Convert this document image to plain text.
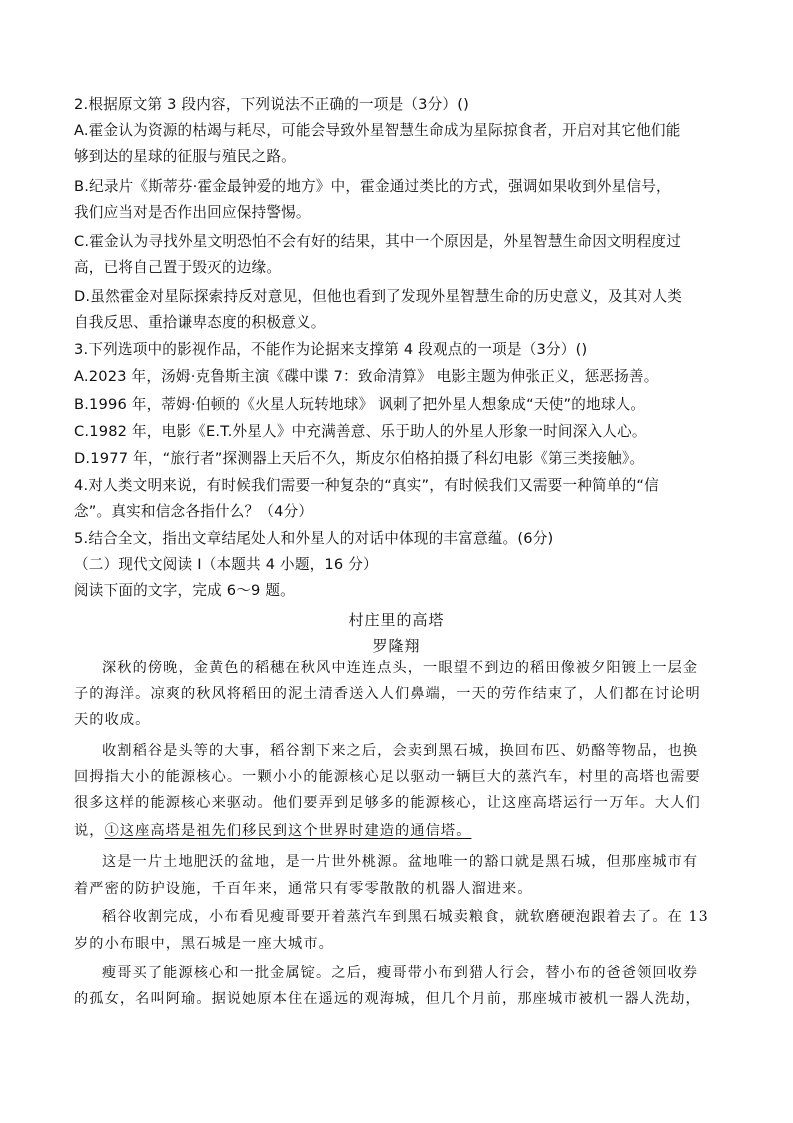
2.根据原文第 3 段内容，下列说法不正确的一项是（3分）()
A.霍金认为资源的枯竭与耗尽，可能会导致外星智慧生命成为星际掠食者，开启对其它他们能
够到达的星球的征服与殖民之路。
B.纪录片《斯蒂芬·霍金最钟爱的地方》中，霍金通过类比的方式，强调如果收到外星信号，
我们应当对是否作出回应保持警惕。
C.霍金认为寻找外星文明恐怕不会有好的结果，其中一个原因是，外星智慧生命因文明程度过
高，已将自己置于毁灭的边缘。
D.虽然霍金对星际探索持反对意见，但他也看到了发现外星智慧生命的历史意义，及其对人类
自我反思、重拾谦卑态度的积极意义。
3.下列选项中的影视作品，不能作为论据来支撑第 4 段观点的一项是（3分）()
A.2023 年，汤姆·克鲁斯主演《碟中谍 7：致命清算》 电影主题为伸张正义，惩恶扬善。
B.1996 年，蒂姆·伯顿的《火星人玩转地球》 讽刺了把外星人想象成“天使”的地球人。
C.1982 年，电影《E.T.外星人》中充满善意、乐于助人的外星人形象一时间深入人心。
D.1977 年，“旅行者”探测器上天后不久，斯皮尔伯格拍摄了科幻电影《第三类接触》。
4.对人类文明来说，有时候我们需要一种复杂的“真实”，有时候我们又需要一种简单的“信
念”。真实和信念各指什么？（4分）
5.结合全文，指出文章结尾处人和外星人的对话中体现的丰富意蕴。(6分)
（二）现代文阅读 I（本题共 4 小题，16 分）
阅读下面的文字，完成 6～9 题。
村庄里的高塔
罗隆翔
深秋的傍晚，金黄色的稻穗在秋风中连连点头，一眼望不到边的稻田像被夕阳镀上一层金
子的海洋。凉爽的秋风将稻田的泥土清香送入人们鼻端，一天的劳作结束了，人们都在讨论明
天的收成。
收割稻谷是头等的大事，稻谷割下来之后，会卖到黑石城，换回布匹、奶酪等物品，也换
回拇指大小的能源核心。一颗小小的能源核心足以驱动一辆巨大的蒸汽车，村里的高塔也需要
很多这样的能源核心来驱动。他们要弄到足够多的能源核心，让这座高塔运行一万年。大人们
说，①这座高塔是祖先们移民到这个世界时建造的通信塔。
这是一片土地肥沃的盆地，是一片世外桃源。盆地唯一的豁口就是黑石城，但那座城市有
着严密的防护设施，千百年来，通常只有零零散散的机器人溜进来。
稻谷收割完成，小布看见瘦哥要开着蒸汽车到黑石城卖粮食，就软磨硬泡跟着去了。在 13
岁的小布眼中，黑石城是一座大城市。
瘦哥买了能源核心和一批金属锭。之后，瘦哥带小布到猎人行会，替小布的爸爸领回收券
的孤女，名叫阿瑜。据说她原本住在遥远的观海城，但几个月前，那座城市被机一器人洗劫，
